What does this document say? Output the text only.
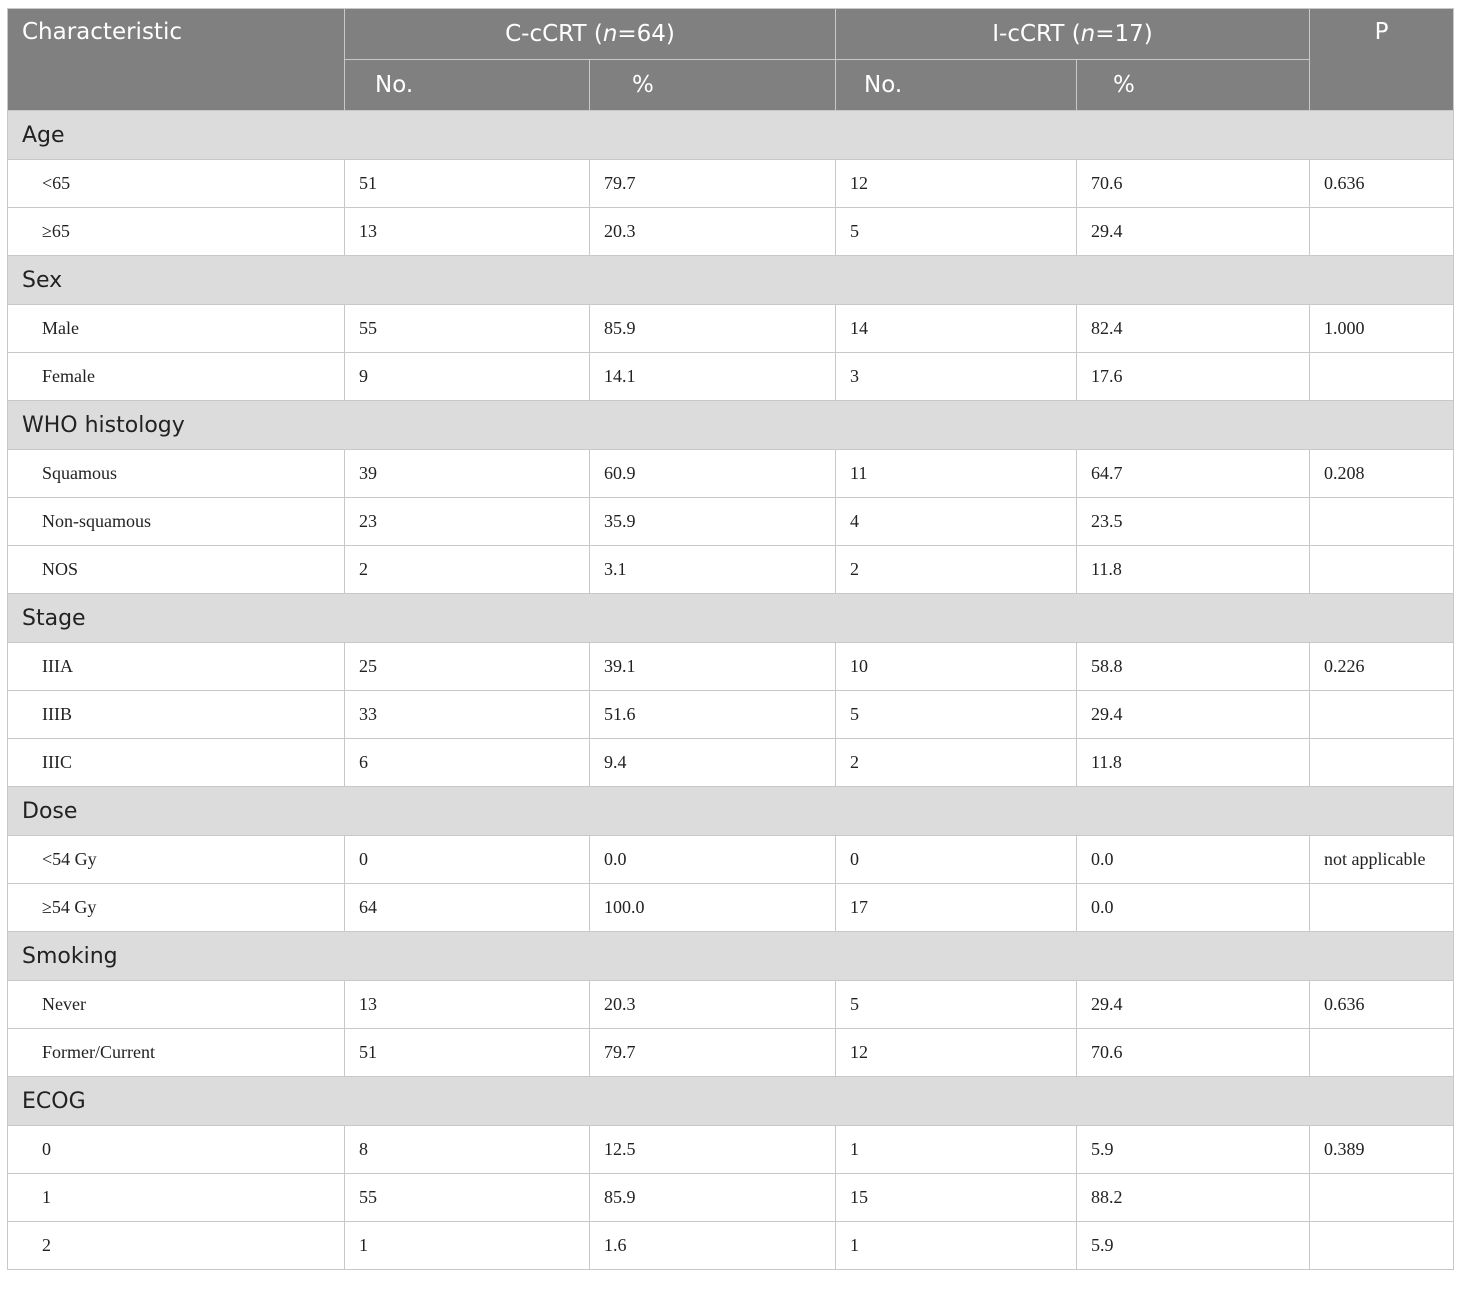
Characteristic	C-cCRT (n=64)		I-cCRT (n=17)		P
	No.	%	No.	%	
Age					
<65	51	79.7	12	70.6	0.636
≥65	13	20.3	5	29.4	
Sex					
Male	55	85.9	14	82.4	1.000
Female	9	14.1	3	17.6	
WHO histology					
Squamous	39	60.9	11	64.7	0.208
Non-squamous	23	35.9	4	23.5	
NOS	2	3.1	2	11.8	
Stage					
IIIA	25	39.1	10	58.8	0.226
IIIB	33	51.6	5	29.4	
IIIC	6	9.4	2	11.8	
Dose					
<54 Gy	0	0.0	0	0.0	not applicable
≥54 Gy	64	100.0	17	0.0	
Smoking					
Never	13	20.3	5	29.4	0.636
Former/Current	51	79.7	12	70.6	
ECOG					
0	8	12.5	1	5.9	0.389
1	55	85.9	15	88.2	
2	1	1.6	1	5.9	
